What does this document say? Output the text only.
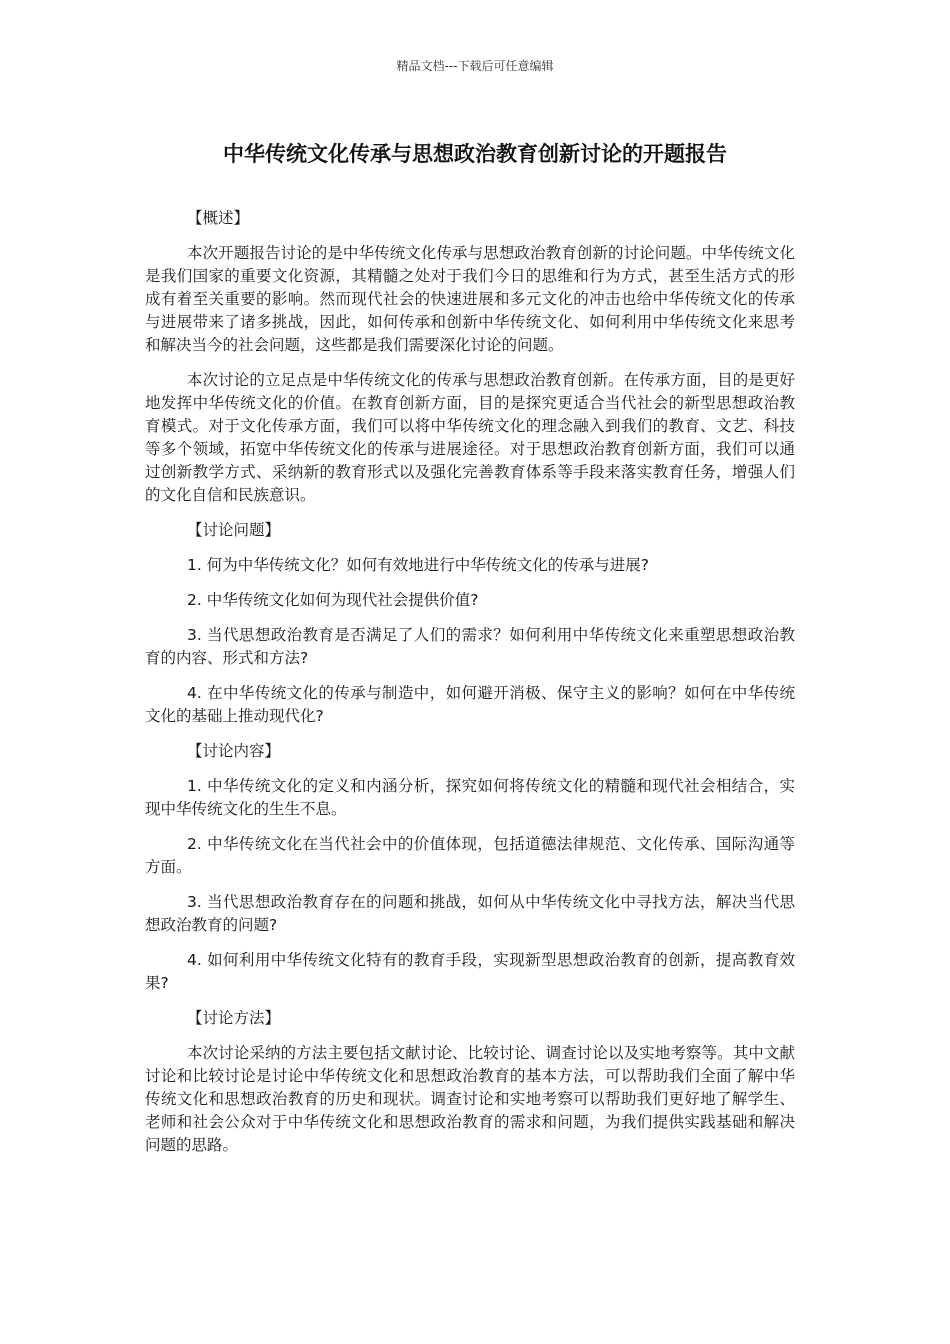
精品文档---下载后可任意编辑
中华传统文化传承与思想政治教育创新讨论的开题报告

【概述】

本次开题报告讨论的是中华传统文化传承与思想政治教育创新的讨论问题。中华传统文化是我们国家的重要文化资源，其精髓之处对于我们今日的思维和行为方式，甚至生活方式的形成有着至关重要的影响。然而现代社会的快速进展和多元文化的冲击也给中华传统文化的传承与进展带来了诸多挑战，因此，如何传承和创新中华传统文化、如何利用中华传统文化来思考和解决当今的社会问题，这些都是我们需要深化讨论的问题。

本次讨论的立足点是中华传统文化的传承与思想政治教育创新。在传承方面，目的是更好地发挥中华传统文化的价值。在教育创新方面，目的是探究更适合当代社会的新型思想政治教育模式。对于文化传承方面，我们可以将中华传统文化的理念融入到我们的教育、文艺、科技等多个领域，拓宽中华传统文化的传承与进展途径。对于思想政治教育创新方面，我们可以通过创新教学方式、采纳新的教育形式以及强化完善教育体系等手段来落实教育任务，增强人们的文化自信和民族意识。

【讨论问题】

1. 何为中华传统文化？如何有效地进行中华传统文化的传承与进展?

2. 中华传统文化如何为现代社会提供价值?

3. 当代思想政治教育是否满足了人们的需求？如何利用中华传统文化来重塑思想政治教育的内容、形式和方法?

4. 在中华传统文化的传承与制造中，如何避开消极、保守主义的影响？如何在中华传统文化的基础上推动现代化?

【讨论内容】

1. 中华传统文化的定义和内涵分析，探究如何将传统文化的精髓和现代社会相结合，实现中华传统文化的生生不息。

2. 中华传统文化在当代社会中的价值体现，包括道德法律规范、文化传承、国际沟通等方面。

3. 当代思想政治教育存在的问题和挑战，如何从中华传统文化中寻找方法，解决当代思想政治教育的问题?

4. 如何利用中华传统文化特有的教育手段，实现新型思想政治教育的创新，提高教育效果?

【讨论方法】

本次讨论采纳的方法主要包括文献讨论、比较讨论、调查讨论以及实地考察等。其中文献讨论和比较讨论是讨论中华传统文化和思想政治教育的基本方法，可以帮助我们全面了解中华传统文化和思想政治教育的历史和现状。调查讨论和实地考察可以帮助我们更好地了解学生、老师和社会公众对于中华传统文化和思想政治教育的需求和问题，为我们提供实践基础和解决问题的思路。
